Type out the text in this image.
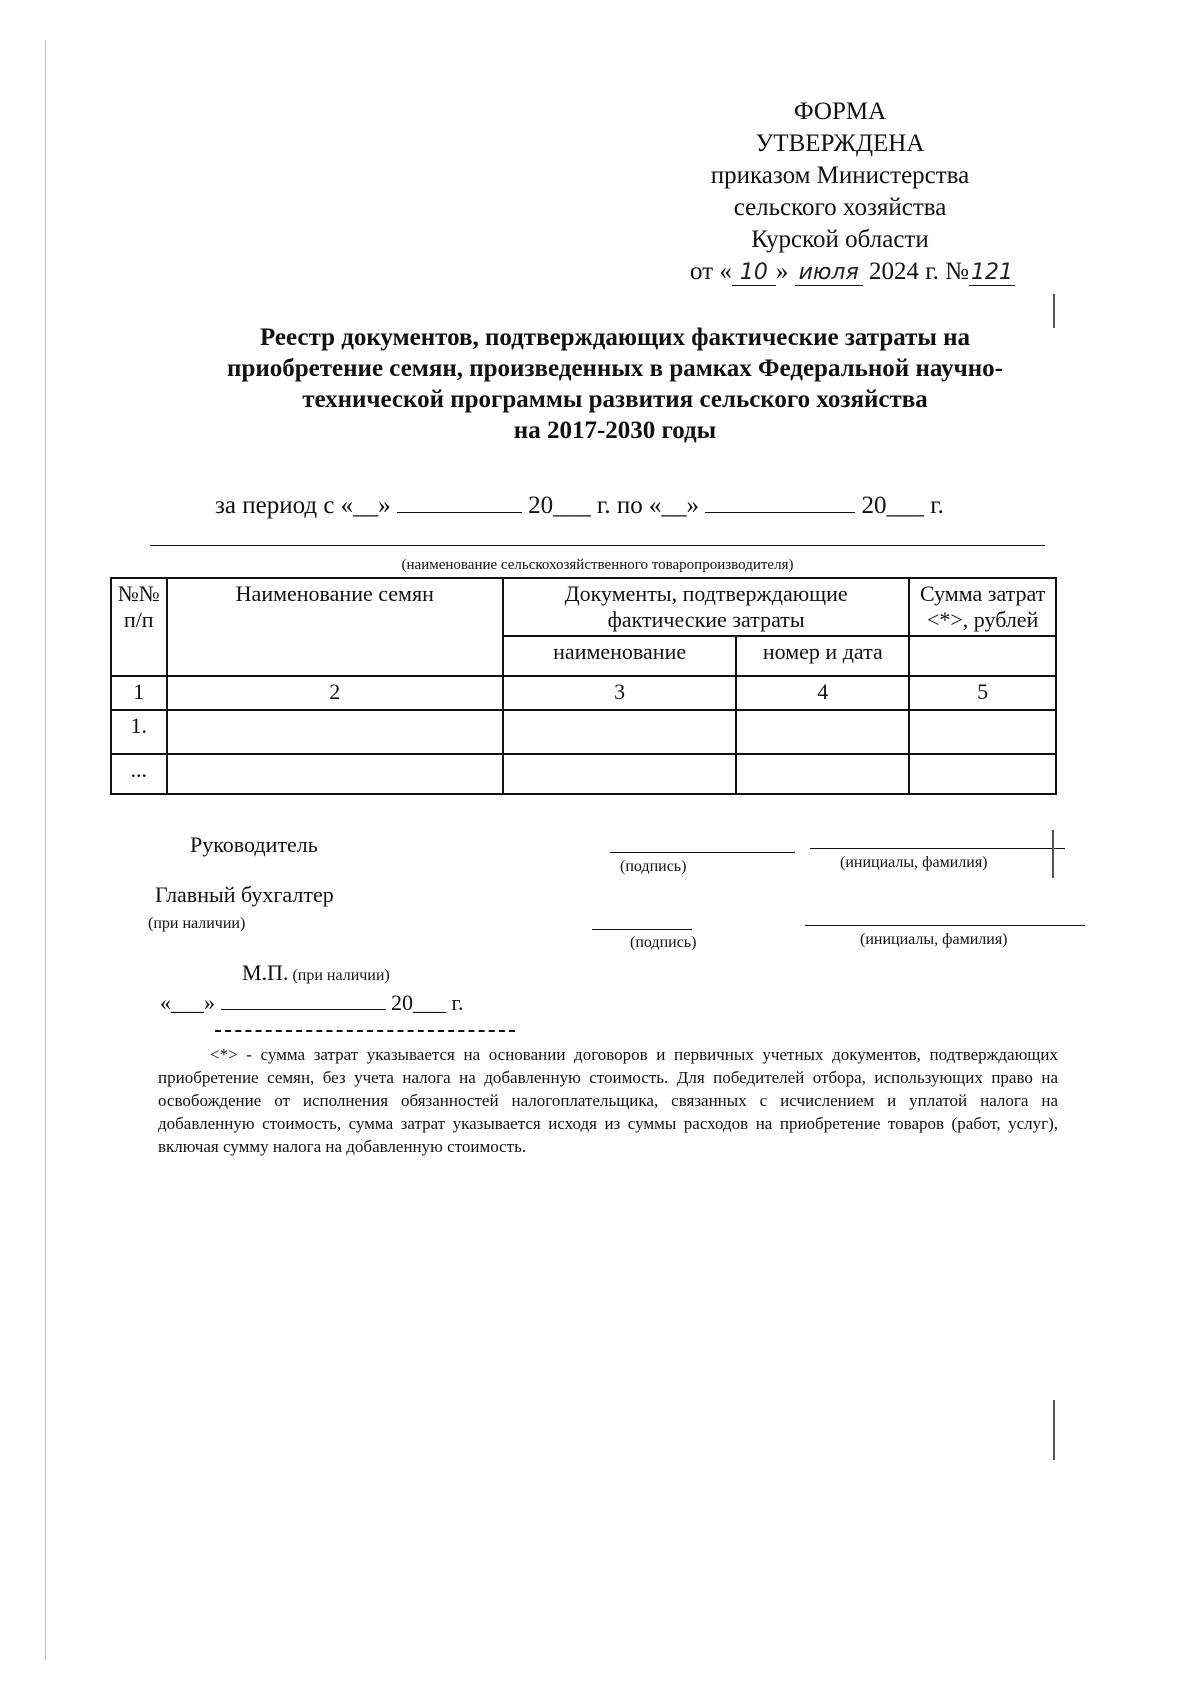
ФОРМА
УТВЕРЖДЕНА
приказом Министерства
сельского хозяйства
Курской области
от « 10 » июля 2024 г. №121
Реестр документов, подтверждающих фактические затраты на
приобретение семян, произведенных в рамках Федеральной научно-
технической программы развития сельского хозяйства
на 2017-2030 годы
за период с «__»	20___ г. по «__»	20___ г.
(наименование сельскохозяйственного товаропроизводителя)
№№ п/п	Наименование семян	Документы, подтверждающие фактические затраты		Сумма затрат <*>, рублей
		наименование	номер и дата	
1	2	3	4	5
1.				
...				
Руководитель
(подпись)	(инициалы, фамилия)
Главный бухгалтер
(при наличии)
(подпись)	(инициалы, фамилия)
М.П. (при наличии)
«___»	20___ г.
<*> - сумма затрат указывается на основании договоров и первичных учетных документов, подтверждающих приобретение семян, без учета налога на добавленную стоимость. Для победителей отбора, использующих право на освобождение от исполнения обязанностей налогоплательщика, связанных с исчислением и уплатой налога на добавленную стоимость, сумма затрат указывается исходя из суммы расходов на приобретение товаров (работ, услуг), включая сумму налога на добавленную стоимость.
